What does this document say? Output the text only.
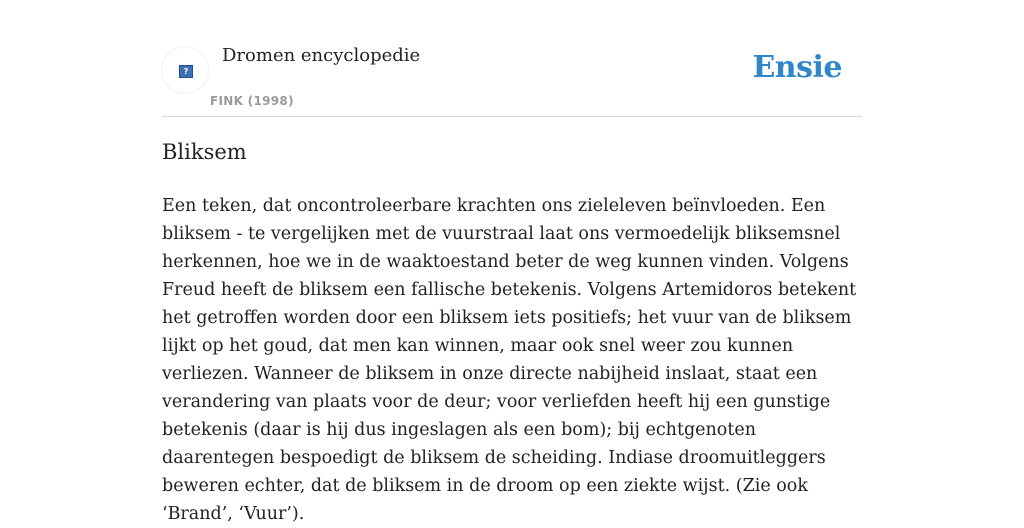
?
Dromen encyclopedie
FINK (1998)
Ensie
Bliksem

Een teken, dat oncontroleerbare krachten ons zieleleven beïnvloeden. Een bliksem - te vergelijken met de vuurstraal laat ons vermoedelijk bliksemsnel herkennen, hoe we in de waaktoestand beter de weg kunnen vinden. Volgens Freud heeft de bliksem een fallische betekenis. Volgens Artemidoros betekent het getroffen worden door een bliksem iets positiefs; het vuur van de bliksem lijkt op het goud, dat men kan winnen, maar ook snel weer zou kunnen verliezen. Wanneer de bliksem in onze directe nabijheid inslaat, staat een verandering van plaats voor de deur; voor verliefden heeft hij een gunstige betekenis (daar is hij dus ingeslagen als een bom); bij echtgenoten daarentegen bespoedigt de bliksem de scheiding. Indiase droomuitleggers beweren echter, dat de bliksem in de droom op een ziekte wijst. (Zie ook ‘Brand’, ‘Vuur’).
